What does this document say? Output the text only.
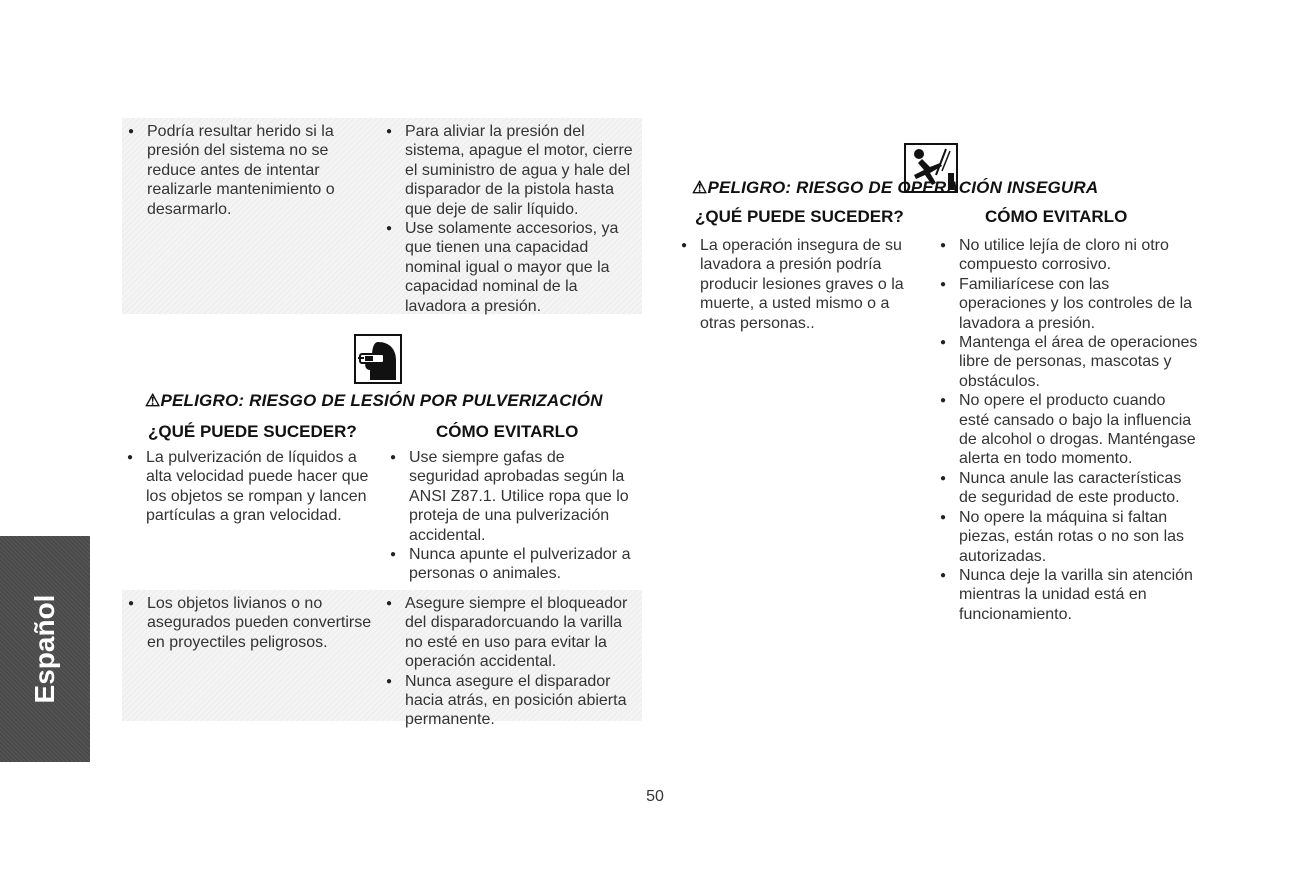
● Podría resultar herido si la presión del sistema no se reduce antes de intentar realizarle mantenimiento o desarmarlo.
● Para aliviar la presión del sistema, apague el motor, cierre el suministro de agua y hale del disparador de la pistola hasta que deje de salir líquido.
● Use solamente accesorios, ya que tienen una capacidad nominal igual o mayor que la capacidad nominal de la lavadora a presión.
⚠PELIGRO: RIESGO DE LESIÓN POR PULVERIZACIÓN
¿QUÉ PUEDE SUCEDER?	CÓMO EVITARLO
● La pulverización de líquidos a alta velocidad puede hacer que los objetos se rompan y lancen partículas a gran velocidad.
● Use siempre gafas de seguridad aprobadas según la ANSI Z87.1. Utilice ropa que lo proteja de una pulverización accidental.
● Nunca apunte el pulverizador a personas o animales.
● Los objetos livianos o no asegurados pueden convertirse en proyectiles peligrosos.
● Asegure siempre el bloqueador del disparadorcuando la varilla no esté en uso para evitar la operación accidental.
● Nunca asegure el disparador hacia atrás, en posición abierta permanente.
⚠PELIGRO: RIESGO DE OPERACIÓN INSEGURA
¿QUÉ PUEDE SUCEDER?	CÓMO EVITARLO
● La operación insegura de su lavadora a presión podría producir lesiones graves o la muerte, a usted mismo o a otras personas..
● No utilice lejía de cloro ni otro compuesto corrosivo.
● Familiarícese con las operaciones y los controles de la lavadora a presión.
● Mantenga el área de operaciones libre de personas, mascotas y obstáculos.
● No opere el producto cuando esté cansado o bajo la influencia de alcohol o drogas. Manténgase alerta en todo momento.
● Nunca anule las características de seguridad de este producto.
● No opere la máquina si faltan piezas, están rotas o no son las autorizadas.
● Nunca deje la varilla sin atención mientras la unidad está en funcionamiento.
Español
50
